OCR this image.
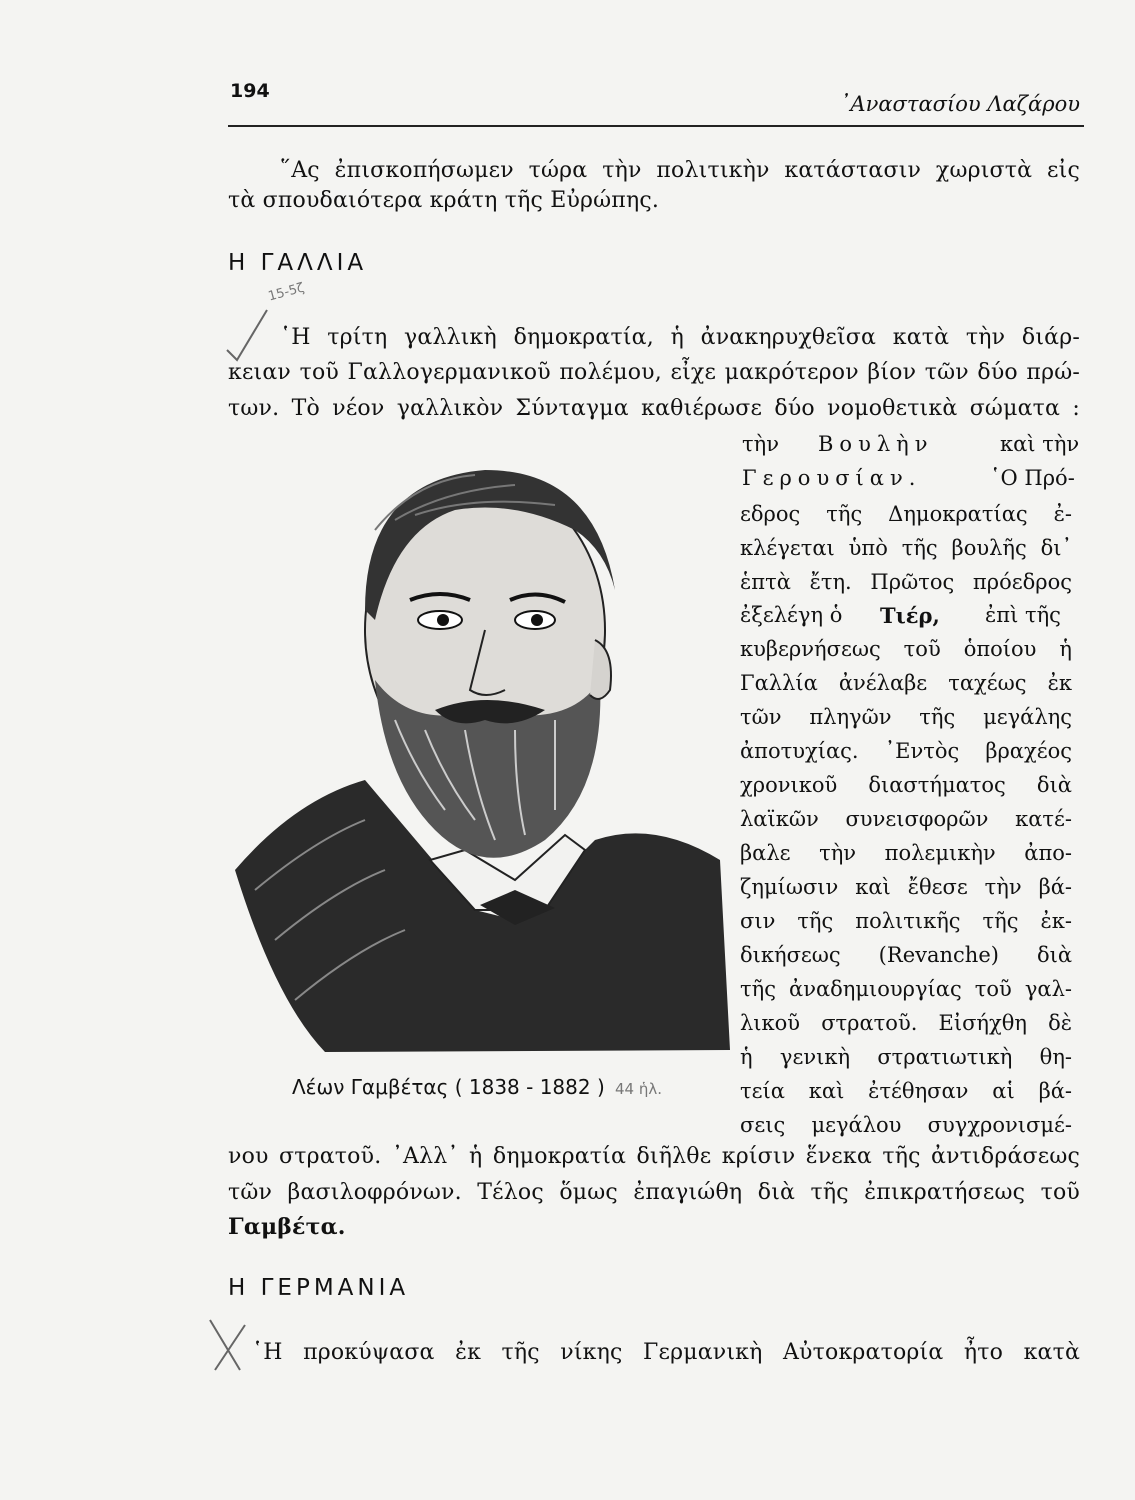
194
᾿Αναστασίου Λαζάρου
῞Ας ἐπισκοπήσωμεν τώρα τὴν πολιτικὴν κατάστασιν χωριστὰ εἰς
τὰ σπουδαιότερα κράτη τῆς Εὐρώπης.
Η ΓΑΛΛΙΑ
15-5ζ
῾Η τρίτη γαλλικὴ δημοκρατία, ἡ ἀνακηρυχθεῖσα κατὰ τὴν διάρ-
κειαν τοῦ Γαλλογερμανικοῦ πολέμου, εἶχε μακρότερον βίον τῶν δύο πρώ-
των. Τὸ νέον γαλλικὸν Σύνταγμα καθιέρωσε δύο νομοθετικὰ σώματα :
τὴν Βουλὴν	καὶ τὴν
Γερουσίαν.	῾Ο Πρό-
εδρος τῆς Δημοκρατίας ἐ-
κλέγεται ὑπὸ τῆς βουλῆς δι᾿
ἑπτὰ ἔτη. Πρῶτος πρόεδρος
ἐξελέγη ὁ Τιέρ, ἐπὶ τῆς
κυβερνήσεως τοῦ ὁποίου ἡ
Γαλλία ἀνέλαβε ταχέως ἐκ
τῶν πληγῶν τῆς μεγάλης
ἀποτυχίας. ᾿Εντὸς βραχέος
χρονικοῦ διαστήματος διὰ
λαϊκῶν συνεισφορῶν κατέ-
βαλε τὴν πολεμικὴν ἀπο-
ζημίωσιν καὶ ἔθεσε τὴν βά-
σιν τῆς πολιτικῆς τῆς ἐκ-
δικήσεως (Revanche) διὰ
τῆς ἀναδημιουργίας τοῦ γαλ-
λικοῦ στρατοῦ. Εἰσήχθη δὲ
ἡ γενικὴ στρατιωτικὴ θη-
τεία καὶ ἐτέθησαν αἱ βά-
σεις μεγάλου συγχρονισμέ-
Λέων Γαμβέτας ( 1838 - 1882 ) 44 ἡλ.
νου στρατοῦ. ᾿Αλλ᾿ ἡ δημοκρατία διῆλθε κρίσιν ἕνεκα τῆς ἀντιδράσεως
τῶν βασιλοφρόνων. Τέλος ὅμως ἐπαγιώθη διὰ τῆς ἐπικρατήσεως τοῦ
Γαμβέτα.
Η ΓΕΡΜΑΝΙΑ
῾Η προκύψασα ἐκ τῆς νίκης Γερμανικὴ Αὐτοκρατορία ἦτο κατὰ
